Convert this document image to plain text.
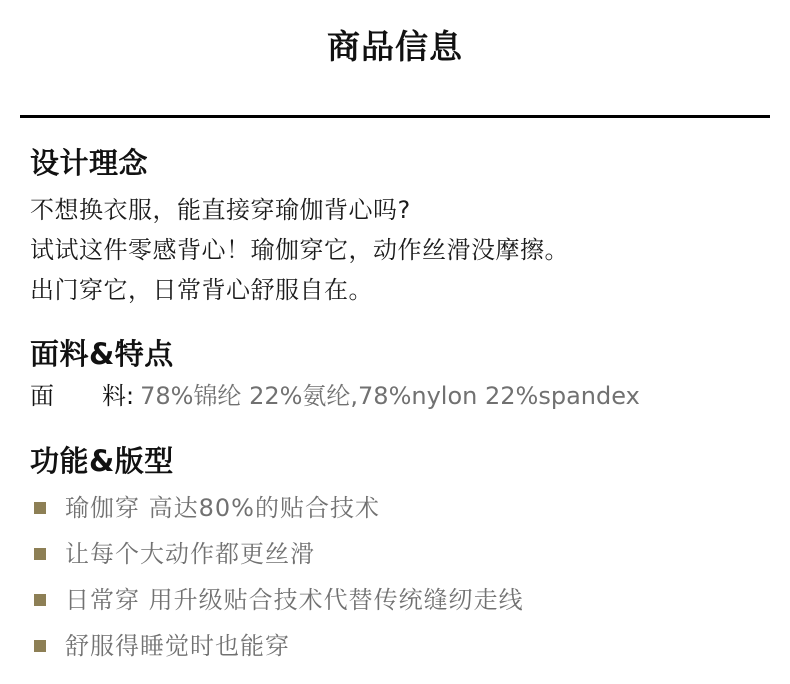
商品信息
设计理念

不想换衣服，能直接穿瑜伽背心吗?
试试这件零感背心！瑜伽穿它，动作丝滑没摩擦。
出门穿它，日常背心舒服自在。

面料&特点
面　　料: 78%锦纶 22%氨纶,78%nylon 22%spandex
功能&版型
瑜伽穿 高达80%的贴合技术
让每个大动作都更丝滑
日常穿 用升级贴合技术代替传统缝纫走线
舒服得睡觉时也能穿
